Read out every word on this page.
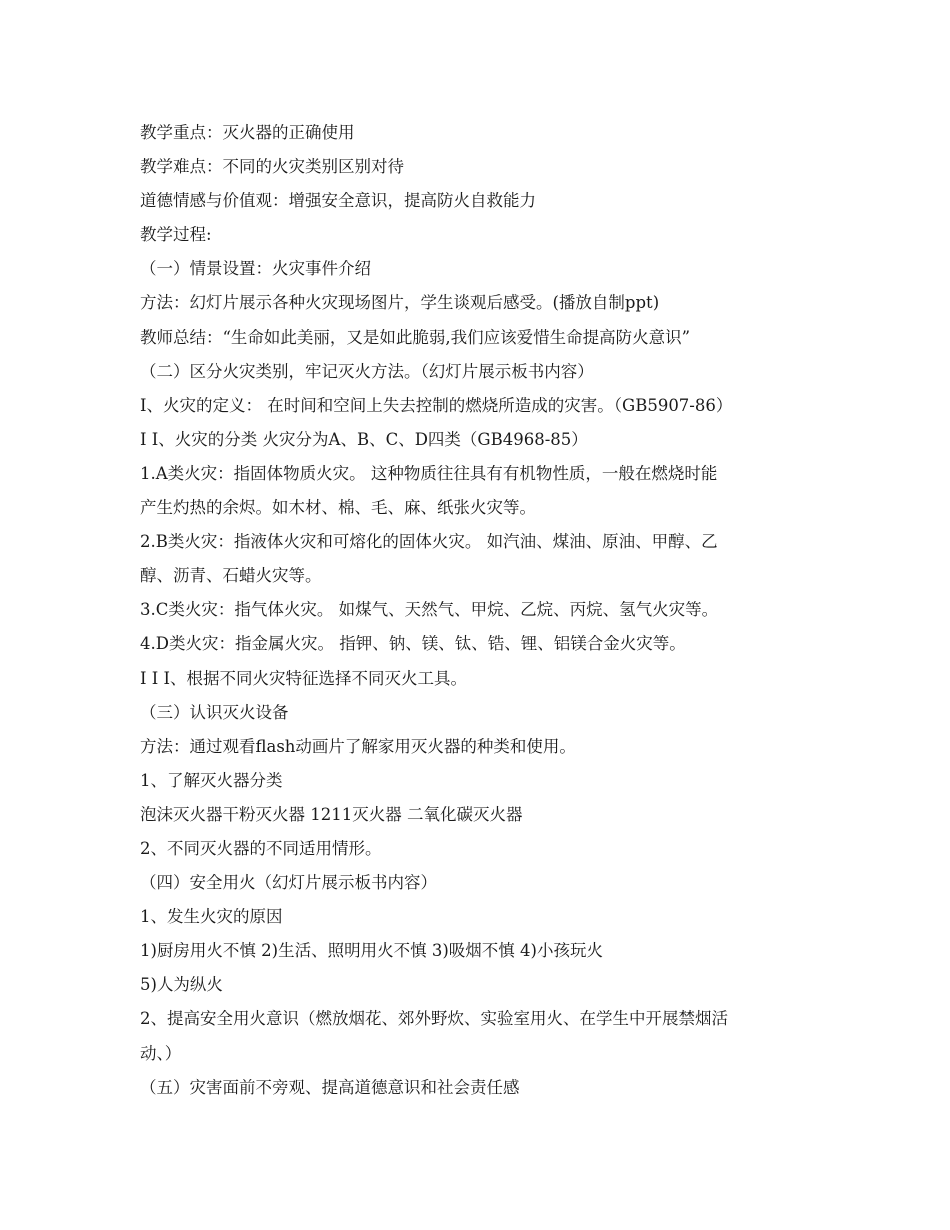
教学重点：灭火器的正确使用
教学难点：不同的火灾类别区别对待
道德情感与价值观：增强安全意识，提高防火自救能力
教学过程:
（一）情景设置：火灾事件介绍
方法：幻灯片展示各种火灾现场图片，学生谈观后感受。(播放自制ppt)
教师总结：“生命如此美丽，又是如此脆弱,我们应该爱惜生命提高防火意识”
（二）区分火灾类别，牢记灭火方法。（幻灯片展示板书内容）
I、火灾的定义： 在时间和空间上失去控制的燃烧所造成的灾害。（GB5907-86）
I I、火灾的分类 火灾分为A、B、C、D四类（GB4968-85）
1.A类火灾：指固体物质火灾。 这种物质往往具有有机物性质，一般在燃烧时能
产生灼热的余烬。如木材、棉、毛、麻、纸张火灾等。
2.B类火灾：指液体火灾和可熔化的固体火灾。 如汽油、煤油、原油、甲醇、乙
醇、沥青、石蜡火灾等。
3.C类火灾：指气体火灾。 如煤气、天然气、甲烷、乙烷、丙烷、氢气火灾等。
4.D类火灾：指金属火灾。 指钾、钠、镁、钛、锆、锂、铝镁合金火灾等。
I I I、根据不同火灾特征选择不同灭火工具。
（三）认识灭火设备
方法：通过观看flash动画片了解家用灭火器的种类和使用。
1、了解灭火器分类
泡沫灭火器干粉灭火器 1211灭火器 二氧化碳灭火器
2、不同灭火器的不同适用情形。
（四）安全用火（幻灯片展示板书内容）
1、发生火灾的原因
1)厨房用火不慎 2)生活、照明用火不慎 3)吸烟不慎 4)小孩玩火
5)人为纵火
2、提高安全用火意识（燃放烟花、郊外野炊、实验室用火、在学生中开展禁烟活
动、）
（五）灾害面前不旁观、提高道德意识和社会责任感
